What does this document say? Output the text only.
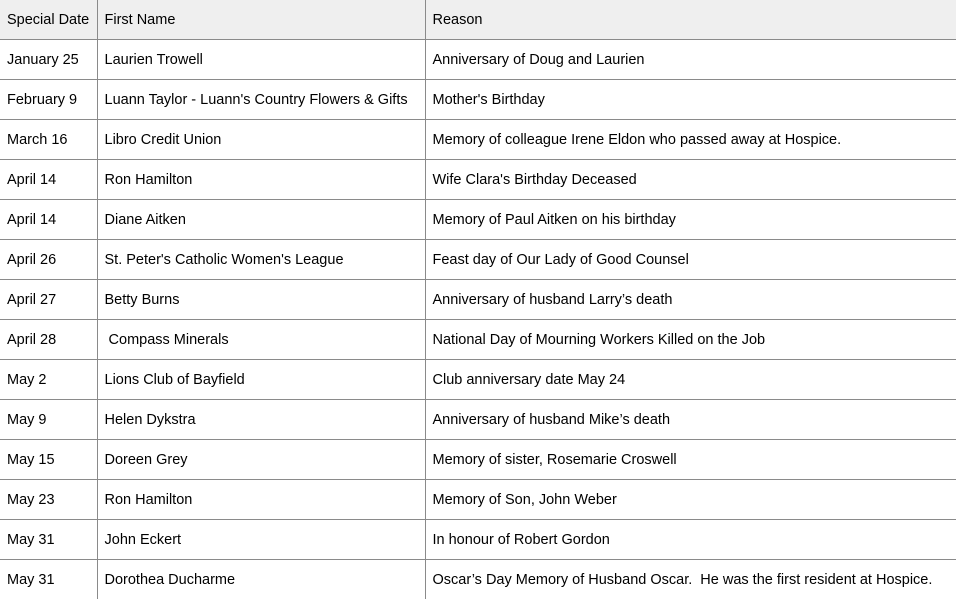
Special Date	First Name	Reason
January 25	Laurien Trowell	Anniversary of Doug and Laurien
February 9	Luann Taylor - Luann's Country Flowers & Gifts	Mother's Birthday
March 16	Libro Credit Union	Memory of colleague Irene Eldon who passed away at Hospice.
April 14	Ron Hamilton	Wife Clara's Birthday Deceased
April 14	Diane Aitken	Memory of Paul Aitken on his birthday
April 26	St. Peter's Catholic Women's League	Feast day of Our Lady of Good Counsel
April 27	Betty Burns	Anniversary of husband Larry’s death
April 28	Compass Minerals	National Day of Mourning Workers Killed on the Job
May 2	Lions Club of Bayfield	Club anniversary date May 24
May 9	Helen Dykstra	Anniversary of husband Mike’s death
May 15	Doreen Grey	Memory of sister, Rosemarie Croswell
May 23	Ron Hamilton	Memory of Son, John Weber
May 31	John Eckert	In honour of Robert Gordon
May 31	Dorothea Ducharme	Oscar’s Day Memory of Husband Oscar.  He was the first resident at Hospice.
